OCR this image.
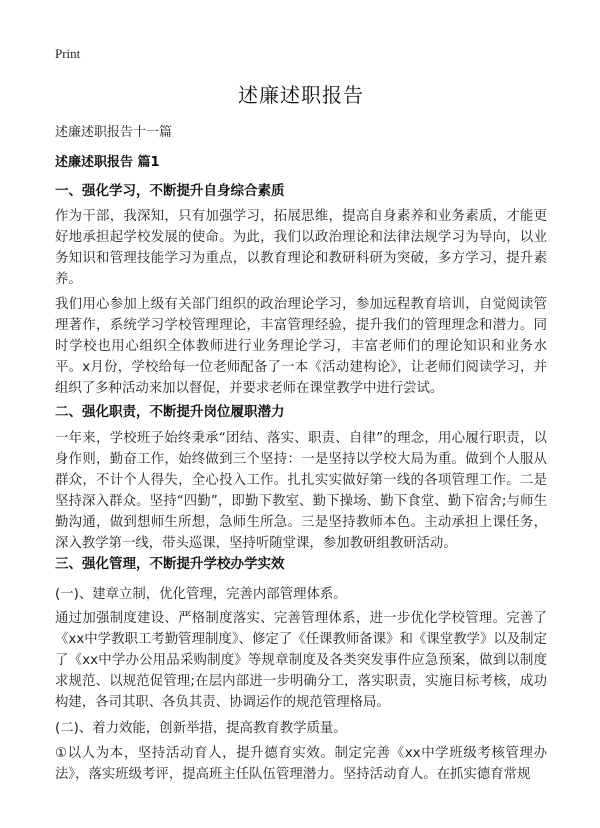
Print
述廉述职报告
述廉述职报告十一篇
述廉述职报告 篇1
一、强化学习，不断提升自身综合素质
作为干部，我深知，只有加强学习，拓展思维，提高自身素养和业务素质，才能更好地承担起学校发展的使命。为此，我们以政治理论和法律法规学习为导向，以业务知识和管理技能学习为重点，以教育理论和教研科研为突破，多方学习，提升素养。
我们用心参加上级有关部门组织的政治理论学习，参加远程教育培训，自觉阅读管理著作，系统学习学校管理理论，丰富管理经验，提升我们的管理理念和潜力。同时学校也用心组织全体教师进行业务理论学习，丰富老师们的理论知识和业务水平。x月份，学校给每一位老师配备了一本《活动建构论》，让老师们阅读学习，并组织了多种活动来加以督促，并要求老师在课堂教学中进行尝试。
二、强化职责，不断提升岗位履职潜力
一年来，学校班子始终秉承“团结、落实、职责、自律”的理念，用心履行职责，以身作则，勤奋工作，始终做到三个坚持：一是坚持以学校大局为重。做到个人服从群众，不计个人得失，全心投入工作。扎扎实实做好第一线的各项管理工作。二是坚持深入群众。坚持“四勤”，即勤下教室、勤下操场、勤下食堂、勤下宿舍;与师生勤沟通，做到想师生所想，急师生所急。三是坚持教师本色。主动承担上课任务，深入教学第一线，带头巡课，坚持听随堂课，参加教研组教研活动。
三、强化管理，不断提升学校办学实效
(一)、建章立制，优化管理，完善内部管理体系。
通过加强制度建设、严格制度落实、完善管理体系，进一步优化学校管理。完善了《xx中学教职工考勤管理制度》、修定了《任课教师备课》和《课堂教学》以及制定了《xx中学办公用品采购制度》等规章制度及各类突发事件应急预案，做到以制度求规范、以规范促管理;在层内部进一步明确分工，落实职责，实施目标考核，成功构建，各司其职、各负其责、协调运作的规范管理格局。
(二)、着力效能，创新举措，提高教育教学质量。
①以人为本，坚持活动育人，提升德育实效。制定完善《xx中学班级考核管理办法》，落实班级考评，提高班主任队伍管理潜力。坚持活动育人。在抓实德育常规
